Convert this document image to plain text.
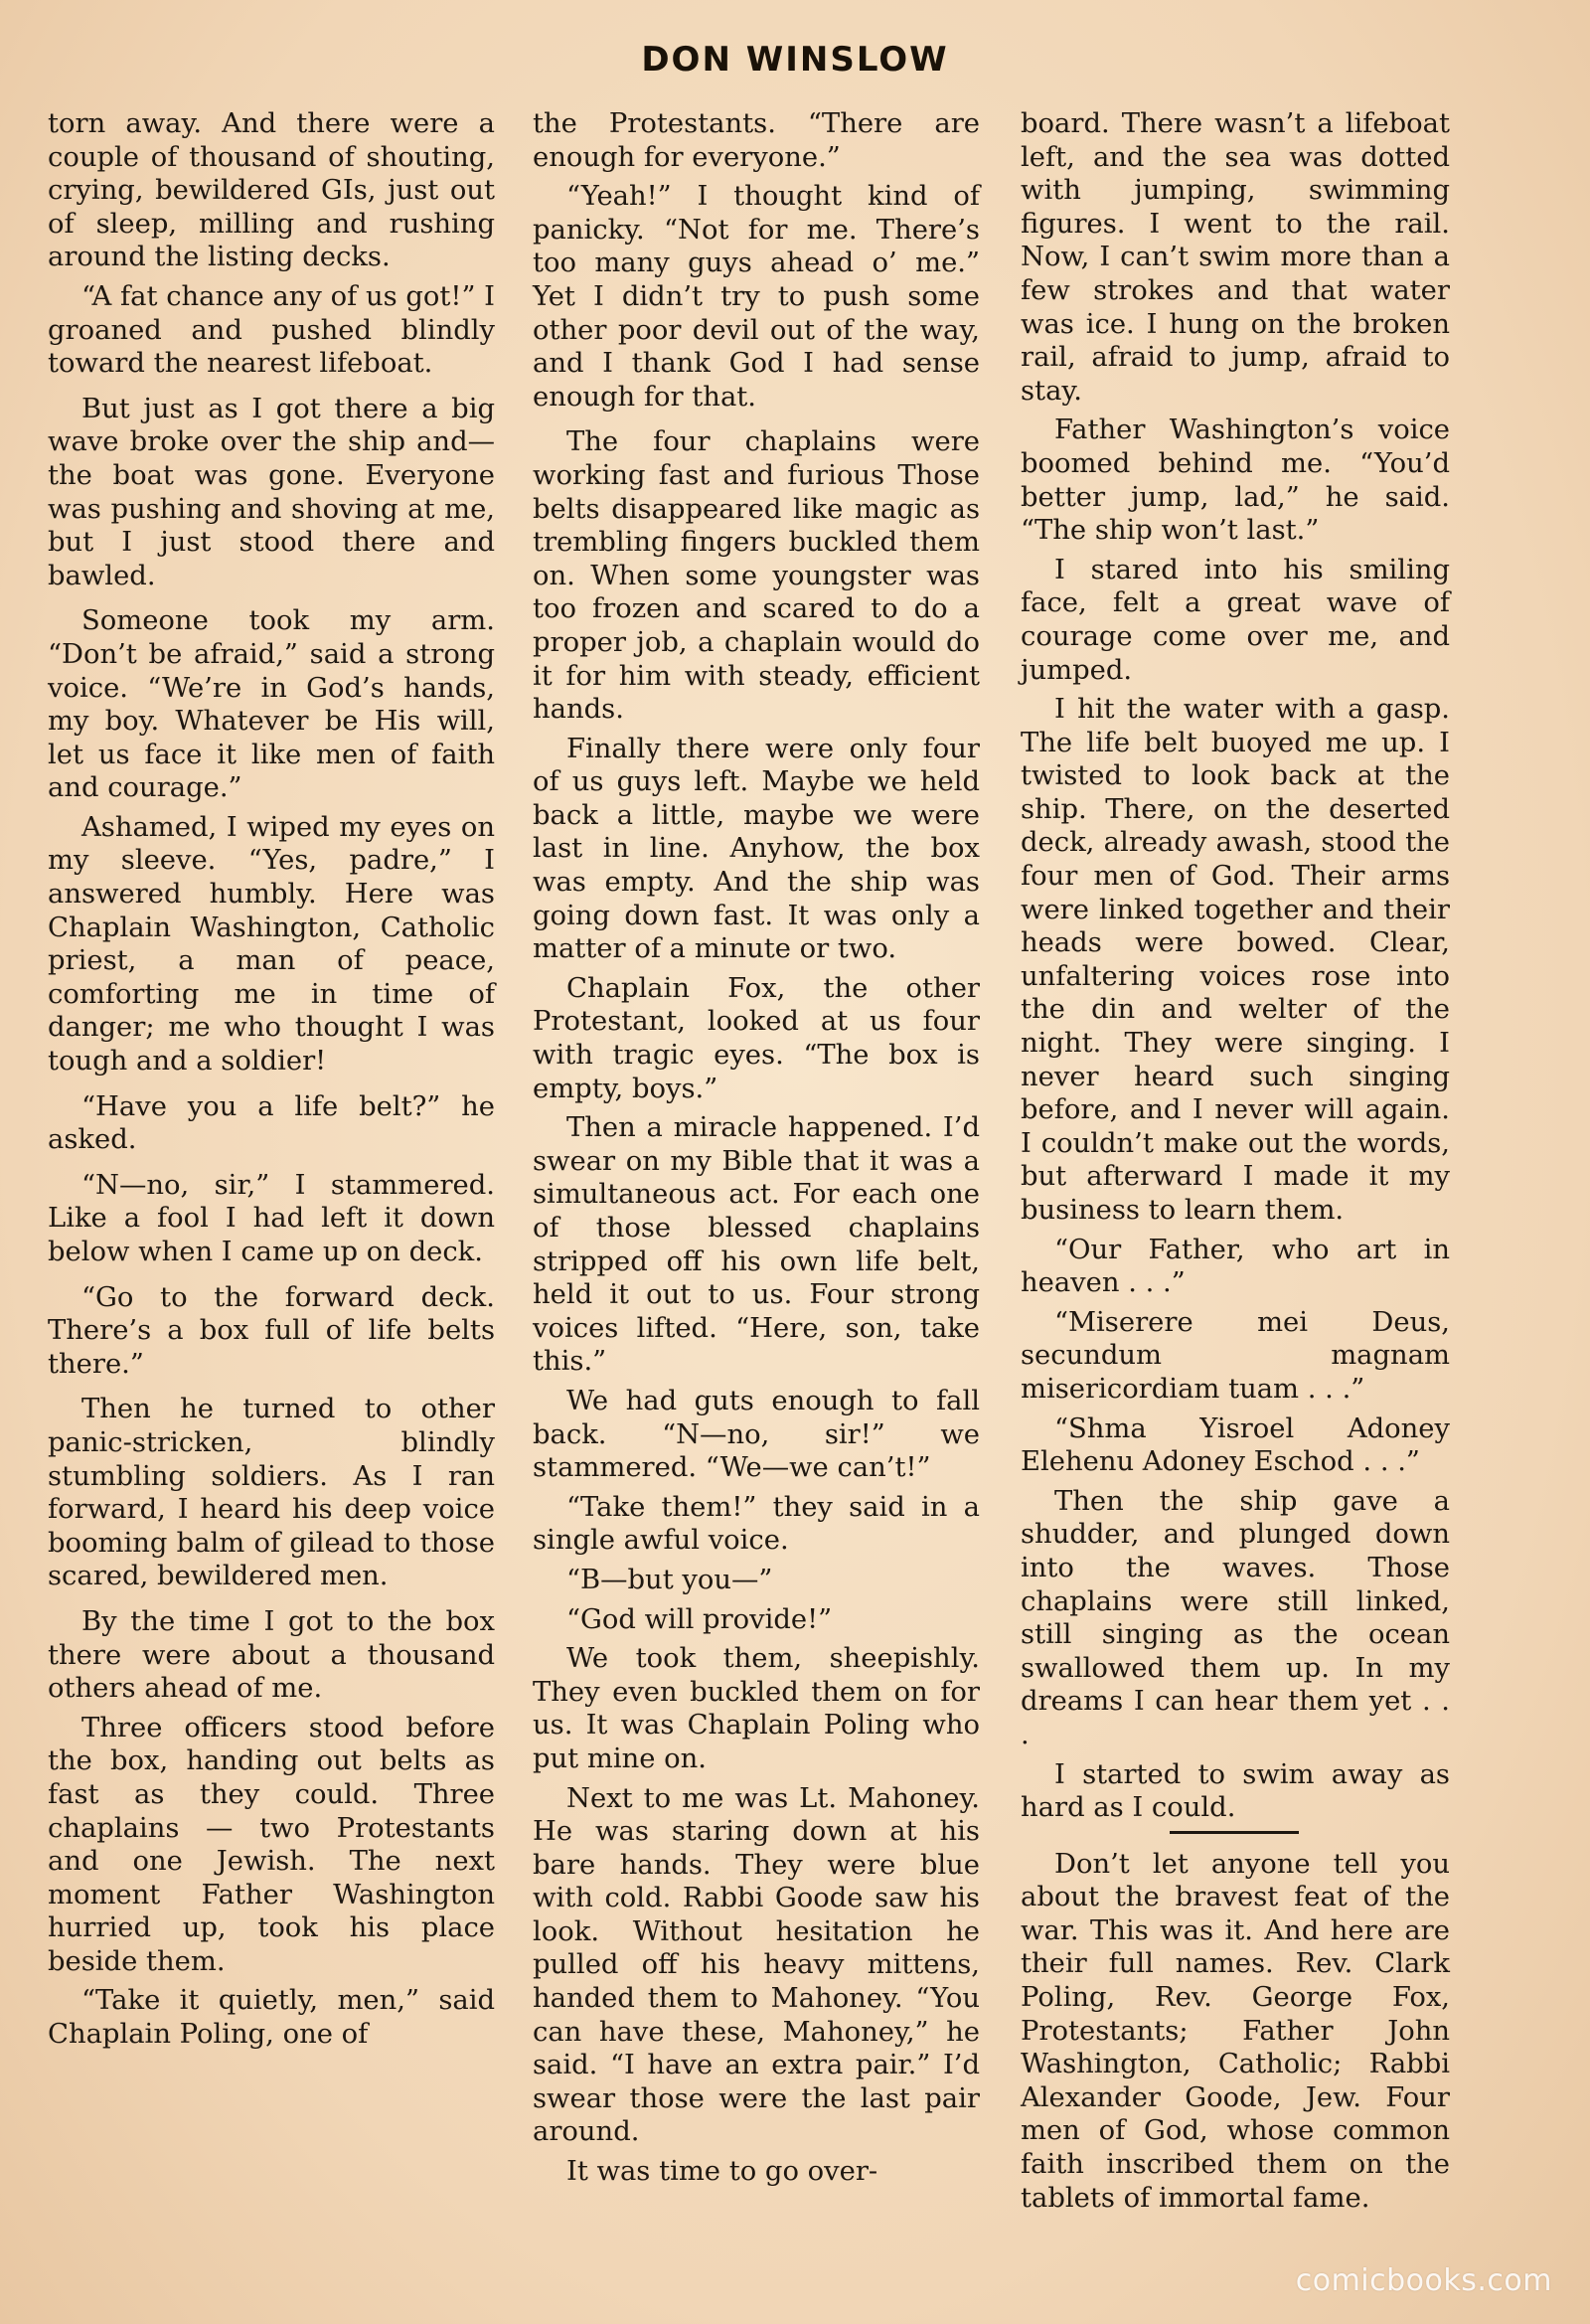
DON WINSLOW

torn away. And there were a couple of thousand of shouting, crying, bewildered GIs, just out of sleep, milling and rushing around the listing decks.

“A fat chance any of us got!” I groaned and pushed blindly toward the nearest lifeboat.

But just as I got there a big wave broke over the ship and—the boat was gone. Everyone was pushing and shoving at me, but I just stood there and bawled.

Someone took my arm. “Don’t be afraid,” said a strong voice. “We’re in God’s hands, my boy. Whatever be His will, let us face it like men of faith and courage.”

Ashamed, I wiped my eyes on my sleeve. “Yes, padre,” I answered humbly. Here was Chaplain Washington, Catholic priest, a man of peace, comforting me in time of danger; me who thought I was tough and a soldier!

“Have you a life belt?” he asked.

“N—no, sir,” I stammered. Like a fool I had left it down below when I came up on deck.

“Go to the forward deck. There’s a box full of life belts there.”

Then he turned to other panic-stricken, blindly stumbling soldiers. As I ran forward, I heard his deep voice booming balm of gilead to those scared, bewildered men.

By the time I got to the box there were about a thousand others ahead of me.

Three officers stood before the box, handing out belts as fast as they could. Three chaplains — two Protestants and one Jewish. The next moment Father Washington hurried up, took his place beside them.

“Take it quietly, men,” said Chaplain Poling, one of

the Protestants. “There are enough for everyone.”

“Yeah!” I thought kind of panicky. “Not for me. There’s too many guys ahead o’ me.” Yet I didn’t try to push some other poor devil out of the way, and I thank God I had sense enough for that.

The four chaplains were working fast and furious Those belts disappeared like magic as trembling fingers buckled them on. When some youngster was too frozen and scared to do a proper job, a chaplain would do it for him with steady, efficient hands.

Finally there were only four of us guys left. Maybe we held back a little, maybe we were last in line. Anyhow, the box was empty. And the ship was going down fast. It was only a matter of a minute or two.

Chaplain Fox, the other Protestant, looked at us four with tragic eyes. “The box is empty, boys.”

Then a miracle happened. I’d swear on my Bible that it was a simultaneous act. For each one of those blessed chaplains stripped off his own life belt, held it out to us. Four strong voices lifted. “Here, son, take this.”

We had guts enough to fall back. “N—no, sir!” we stammered. “We—we can’t!”

“Take them!” they said in a single awful voice.

“B—but you—”

“God will provide!”

We took them, sheepishly. They even buckled them on for us. It was Chaplain Poling who put mine on.

Next to me was Lt. Mahoney. He was staring down at his bare hands. They were blue with cold. Rabbi Goode saw his look. Without hesitation he pulled off his heavy mittens, handed them to Mahoney. “You can have these, Mahoney,” he said. “I have an extra pair.” I’d swear those were the last pair around.

It was time to go over-

board. There wasn’t a lifeboat left, and the sea was dotted with jumping, swimming figures. I went to the rail. Now, I can’t swim more than a few strokes and that water was ice. I hung on the broken rail, afraid to jump, afraid to stay.

Father Washington’s voice boomed behind me. “You’d better jump, lad,” he said. “The ship won’t last.”

I stared into his smiling face, felt a great wave of courage come over me, and jumped.

I hit the water with a gasp. The life belt buoyed me up. I twisted to look back at the ship. There, on the deserted deck, already awash, stood the four men of God. Their arms were linked together and their heads were bowed. Clear, unfaltering voices rose into the din and welter of the night. They were singing. I never heard such singing before, and I never will again. I couldn’t make out the words, but afterward I made it my business to learn them.

“Our Father, who art in heaven . . .”

“Miserere mei Deus, secundum magnam misericordiam tuam . . .”

“Shma Yisroel Adoney Elehenu Adoney Eschod . . .”

Then the ship gave a shudder, and plunged down into the waves. Those chaplains were still linked, still singing as the ocean swallowed them up. In my dreams I can hear them yet . . .

I started to swim away as hard as I could.

Don’t let anyone tell you about the bravest feat of the war. This was it. And here are their full names. Rev. Clark Poling, Rev. George Fox, Protestants; Father John Washington, Catholic; Rabbi Alexander Goode, Jew. Four men of God, whose common faith inscribed them on the tablets of immortal fame.

comicbooks.com
